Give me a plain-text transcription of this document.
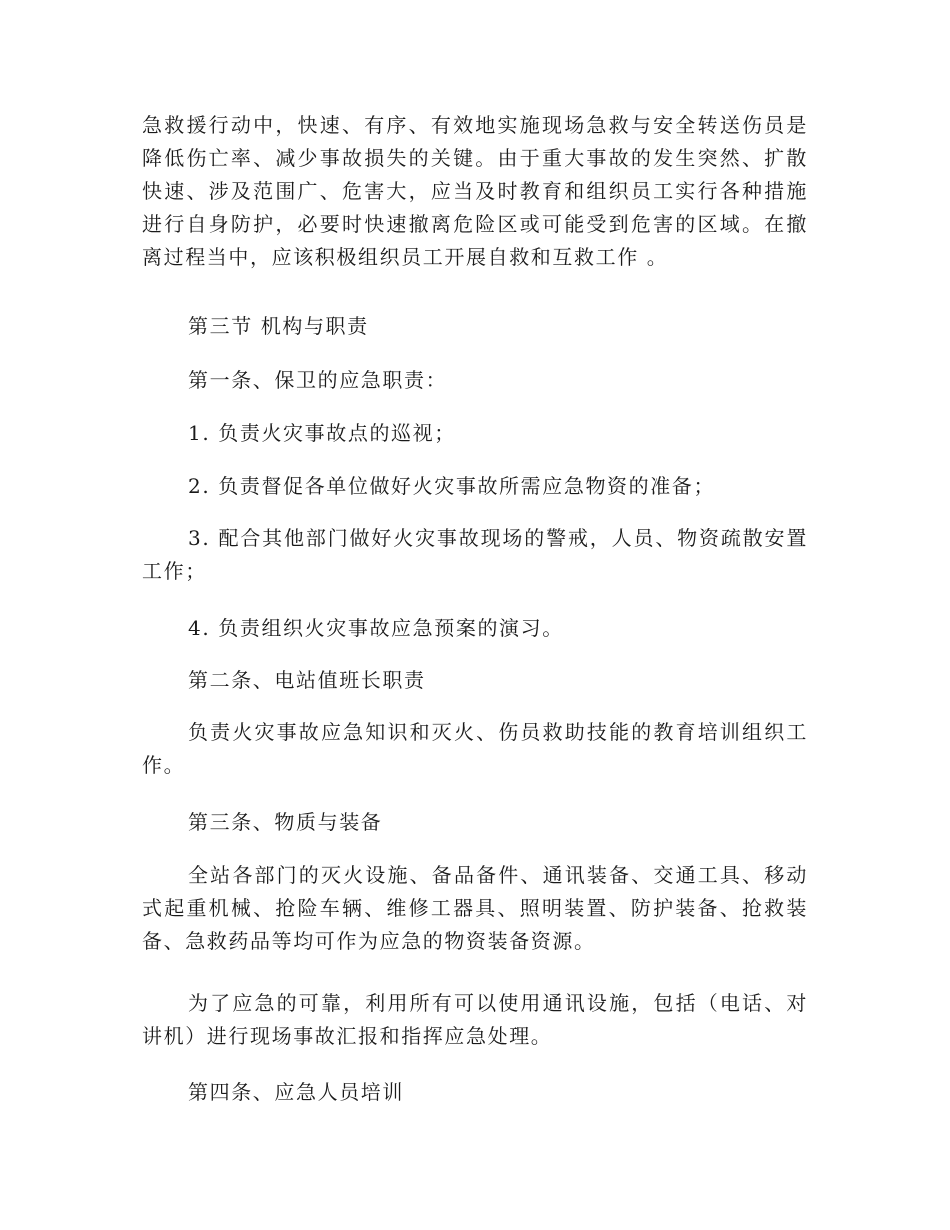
急救援行动中，快速、有序、有效地实施现场急救与安全转送伤员是降低伤亡率、减少事故损失的关键。由于重大事故的发生突然、扩散快速、涉及范围广、危害大，应当及时教育和组织员工实行各种措施进行自身防护，必要时快速撤离危险区或可能受到危害的区域。在撤离过程当中，应该积极组织员工开展自救和互救工作 。

第三节 机构与职责

第一条、保卫的应急职责：

1. 负责火灾事故点的巡视；

2. 负责督促各单位做好火灾事故所需应急物资的准备；

3. 配合其他部门做好火灾事故现场的警戒，人员、物资疏散安置工作；

4. 负责组织火灾事故应急预案的演习。

第二条、电站值班长职责

负责火灾事故应急知识和灭火、伤员救助技能的教育培训组织工作。

第三条、物质与装备

全站各部门的灭火设施、备品备件、通讯装备、交通工具、移动式起重机械、抢险车辆、维修工器具、照明装置、防护装备、抢救装备、急救药品等均可作为应急的物资装备资源。

为了应急的可靠，利用所有可以使用通讯设施，包括（电话、对讲机）进行现场事故汇报和指挥应急处理。

第四条、应急人员培训
